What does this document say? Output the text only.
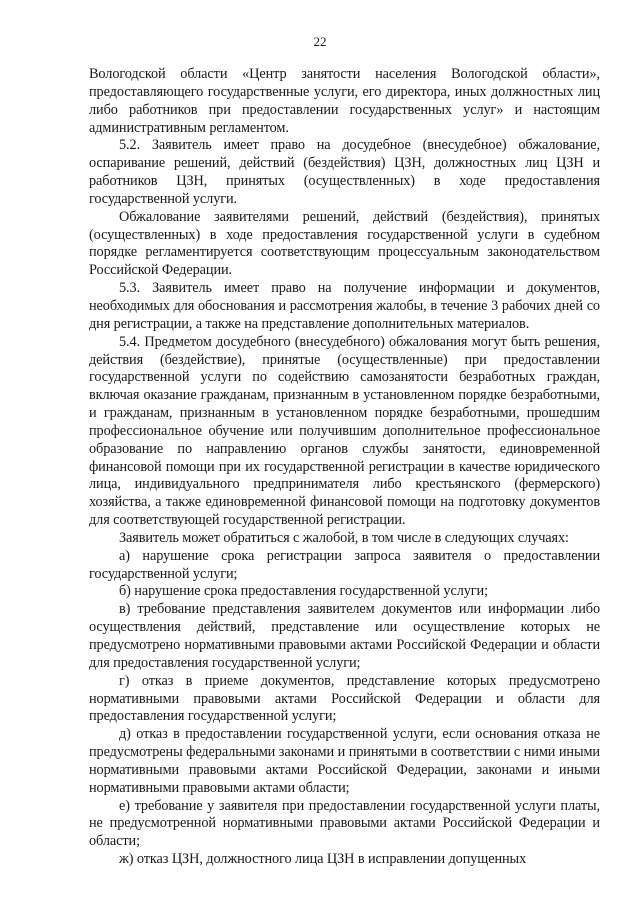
22

Вологодской области «Центр занятости населения Вологодской области», предоставляющего государственные услуги, его директора, иных должностных лиц либо работников при предоставлении государственных услуг» и настоящим административным регламентом.

5.2. Заявитель имеет право на досудебное (внесудебное) обжалование, оспаривание решений, действий (бездействия) ЦЗН, должностных лиц ЦЗН и работников ЦЗН, принятых (осуществленных) в ходе предоставления государственной услуги.

Обжалование заявителями решений, действий (бездействия), принятых (осуществленных) в ходе предоставления государственной услуги в судебном порядке регламентируется соответствующим процессуальным законодательством Российской Федерации.

5.3. Заявитель имеет право на получение информации и документов, необходимых для обоснования и рассмотрения жалобы, в течение 3 рабочих дней со дня регистрации, а также на представление дополнительных материалов.

5.4. Предметом досудебного (внесудебного) обжалования могут быть решения, действия (бездействие), принятые (осуществленные) при предоставлении государственной услуги по содействию самозанятости безработных граждан, включая оказание гражданам, признанным в установленном порядке безработными, и гражданам, признанным в установленном порядке безработными, прошедшим профессиональное обучение или получившим дополнительное профессиональное образование по направлению органов службы занятости, единовременной финансовой помощи при их государственной регистрации в качестве юридического лица, индивидуального предпринимателя либо крестьянского (фермерского) хозяйства, а также единовременной финансовой помощи на подготовку документов для соответствующей государственной регистрации.

Заявитель может обратиться с жалобой, в том числе в следующих случаях:

а) нарушение срока регистрации запроса заявителя о предоставлении государственной услуги;

б) нарушение срока предоставления государственной услуги;

в) требование представления заявителем документов или информации либо осуществления действий, представление или осуществление которых не предусмотрено нормативными правовыми актами Российской Федерации и области для предоставления государственной услуги;

г) отказ в приеме документов, представление которых предусмотрено нормативными правовыми актами Российской Федерации и области для предоставления государственной услуги;

д) отказ в предоставлении государственной услуги, если основания отказа не предусмотрены федеральными законами и принятыми в соответствии с ними иными нормативными правовыми актами Российской Федерации, законами и иными нормативными правовыми актами области;

е) требование у заявителя при предоставлении государственной услуги платы, не предусмотренной нормативными правовыми актами Российской Федерации и области;

ж) отказ ЦЗН, должностного лица ЦЗН в исправлении допущенных
